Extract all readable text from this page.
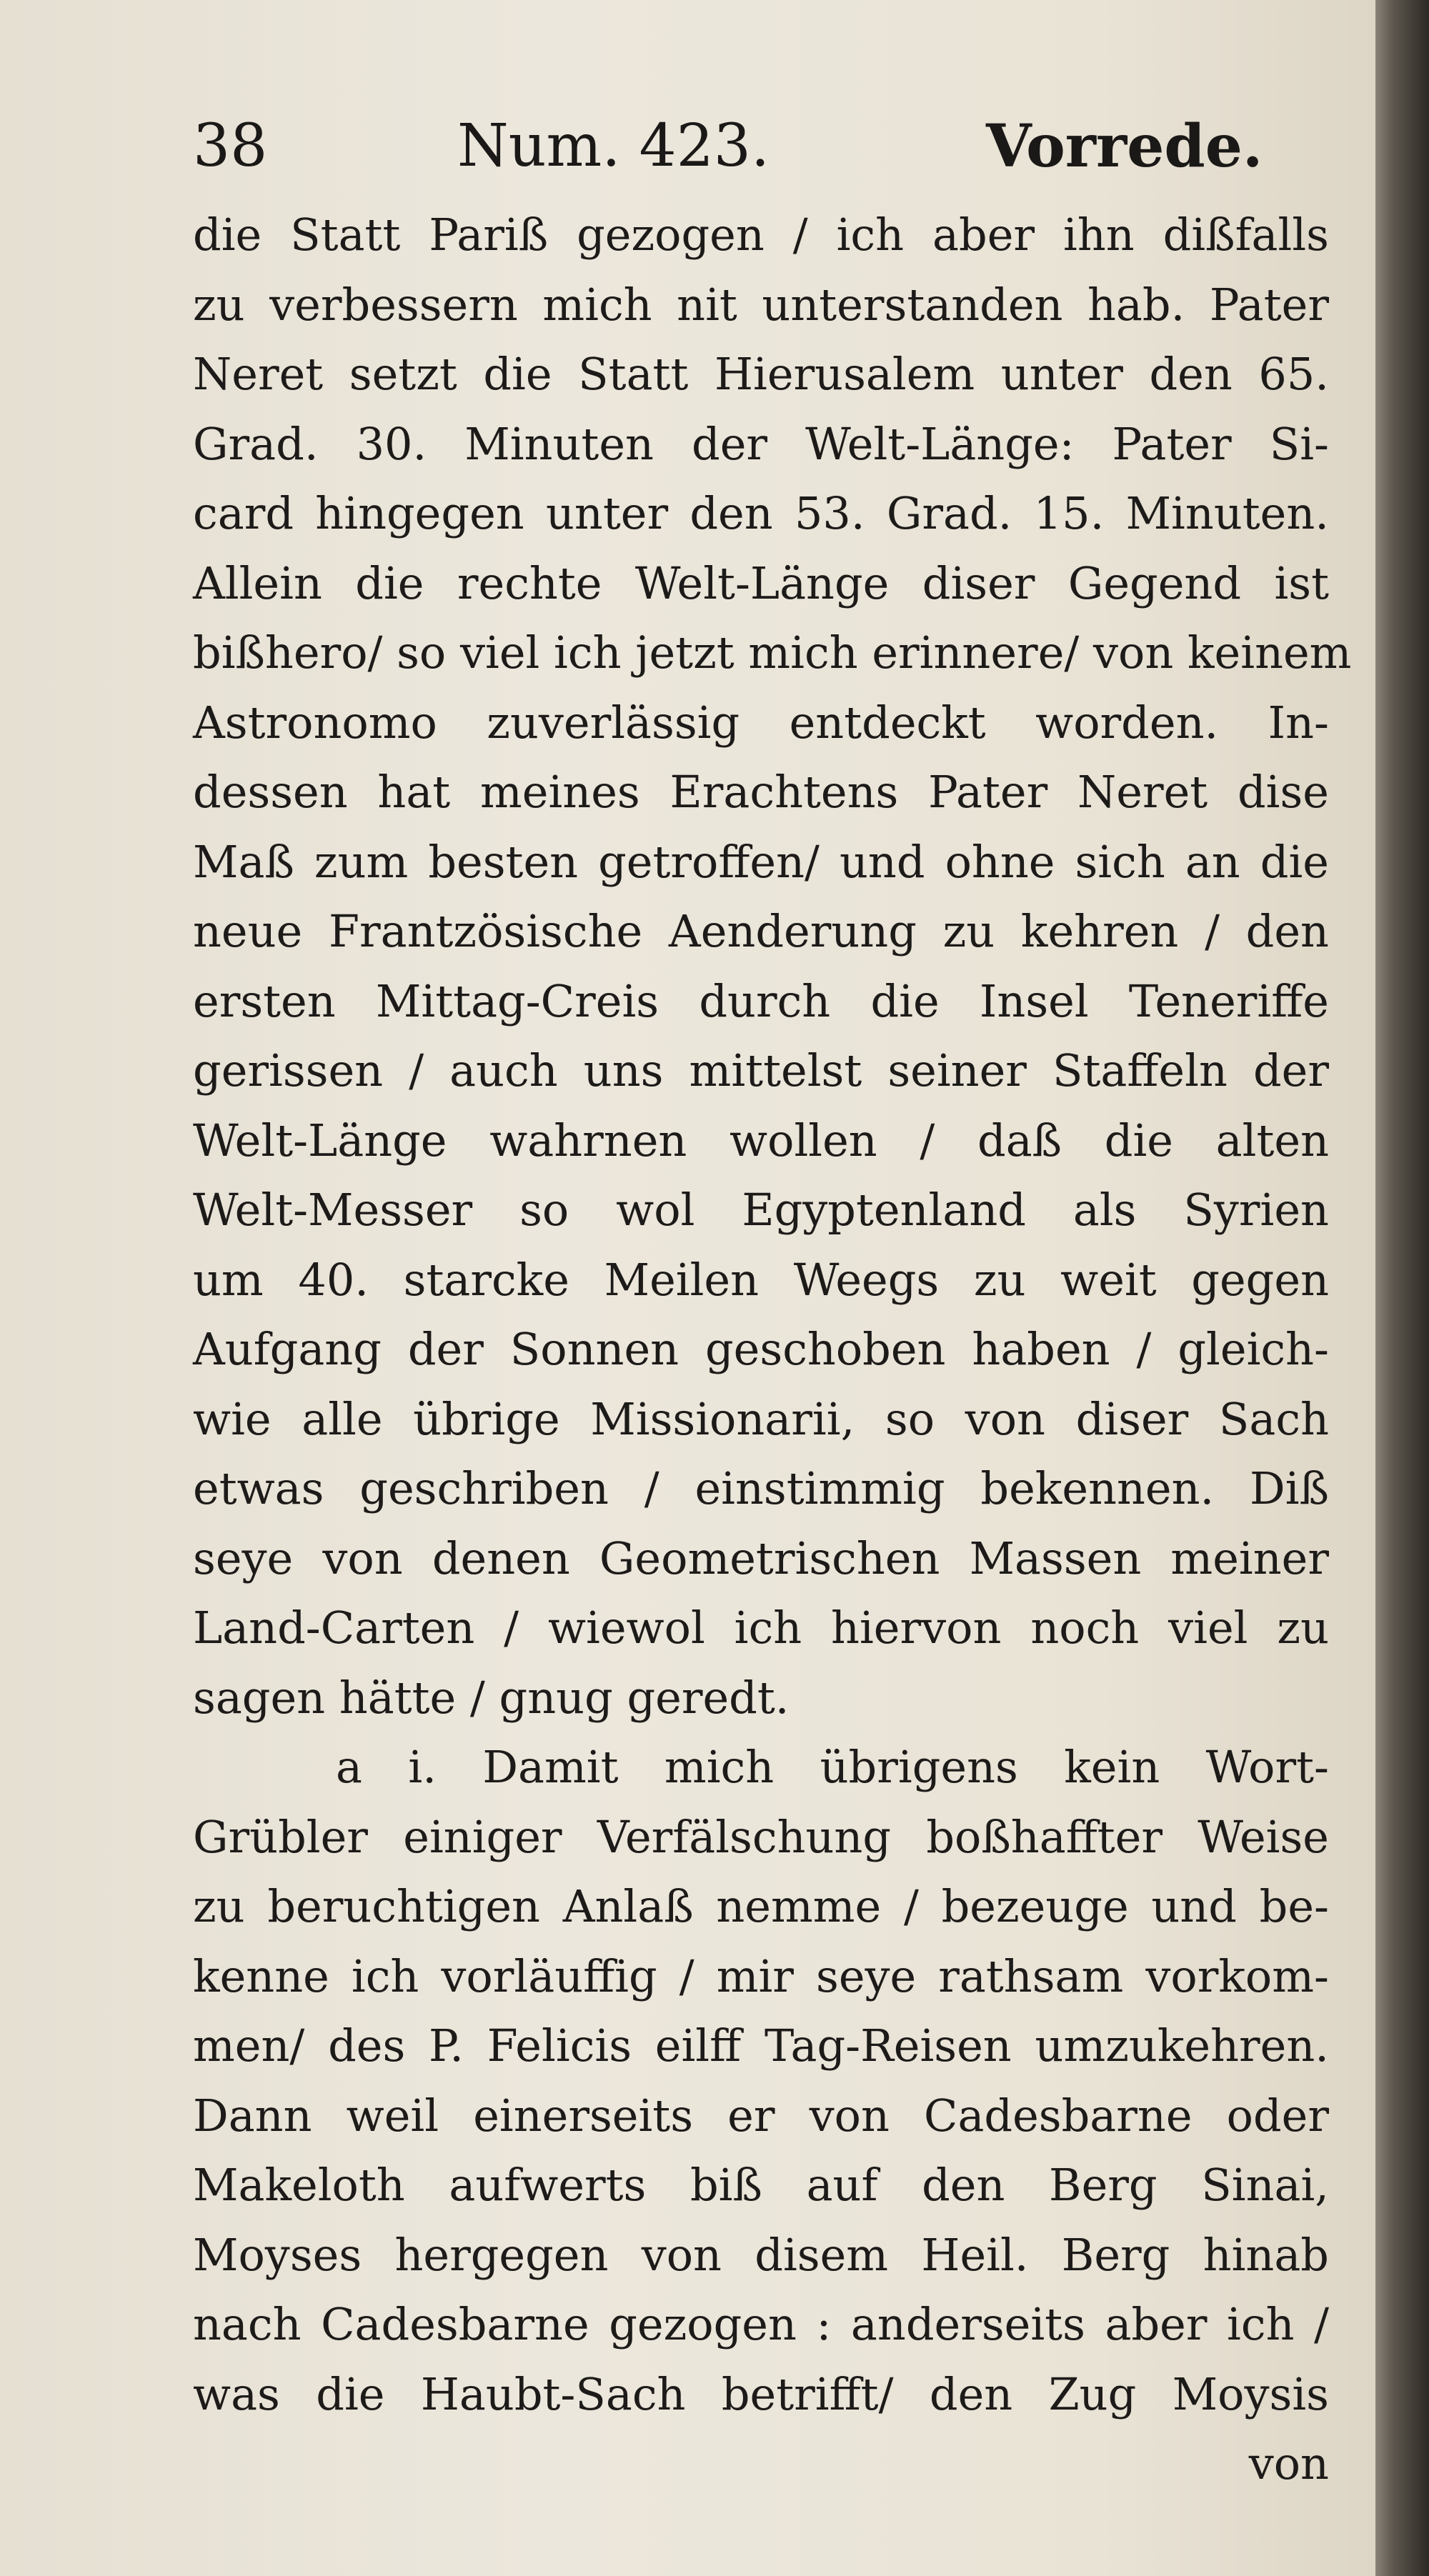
38	Num. 423.	Vorrede.
die Statt Pariß gezogen / ich aber ihn dißfalls
zu verbessern mich nit unterstanden hab. Pater
Neret setzt die Statt Hierusalem unter den 65.
Grad. 30. Minuten der Welt-Länge: Pater Si-
card hingegen unter den 53. Grad. 15. Minuten.
Allein die rechte Welt-Länge diser Gegend ist
bißhero/ so viel ich jetzt mich erinnere/ von keinem
Astronomo zuverlässig entdeckt worden. In-
dessen hat meines Erachtens Pater Neret dise
Maß zum besten getroffen/ und ohne sich an die
neue Frantzösische Aenderung zu kehren / den
ersten Mittag-Creis durch die Insel Teneriffe
gerissen / auch uns mittelst seiner Staffeln der
Welt-Länge wahrnen wollen / daß die alten
Welt-Messer so wol Egyptenland als Syrien
um 40. starcke Meilen Weegs zu weit gegen
Aufgang der Sonnen geschoben haben / gleich-
wie alle übrige Missionarii, so von diser Sach
etwas geschriben / einstimmig bekennen. Diß
seye von denen Geometrischen Massen meiner
Land-Carten / wiewol ich hiervon noch viel zu
sagen hätte / gnug geredt.
a i. Damit mich übrigens kein Wort-
Grübler einiger Verfälschung boßhaffter Weise
zu beruchtigen Anlaß nemme / bezeuge und be-
kenne ich vorläuffig / mir seye rathsam vorkom-
men/ des P. Felicis eilff Tag-Reisen umzukehren.
Dann weil einerseits er von Cadesbarne oder
Makeloth aufwerts biß auf den Berg Sinai,
Moyses hergegen von disem Heil. Berg hinab
nach Cadesbarne gezogen : anderseits aber ich /
was die Haubt-Sach betrifft/ den Zug Moysis
von
